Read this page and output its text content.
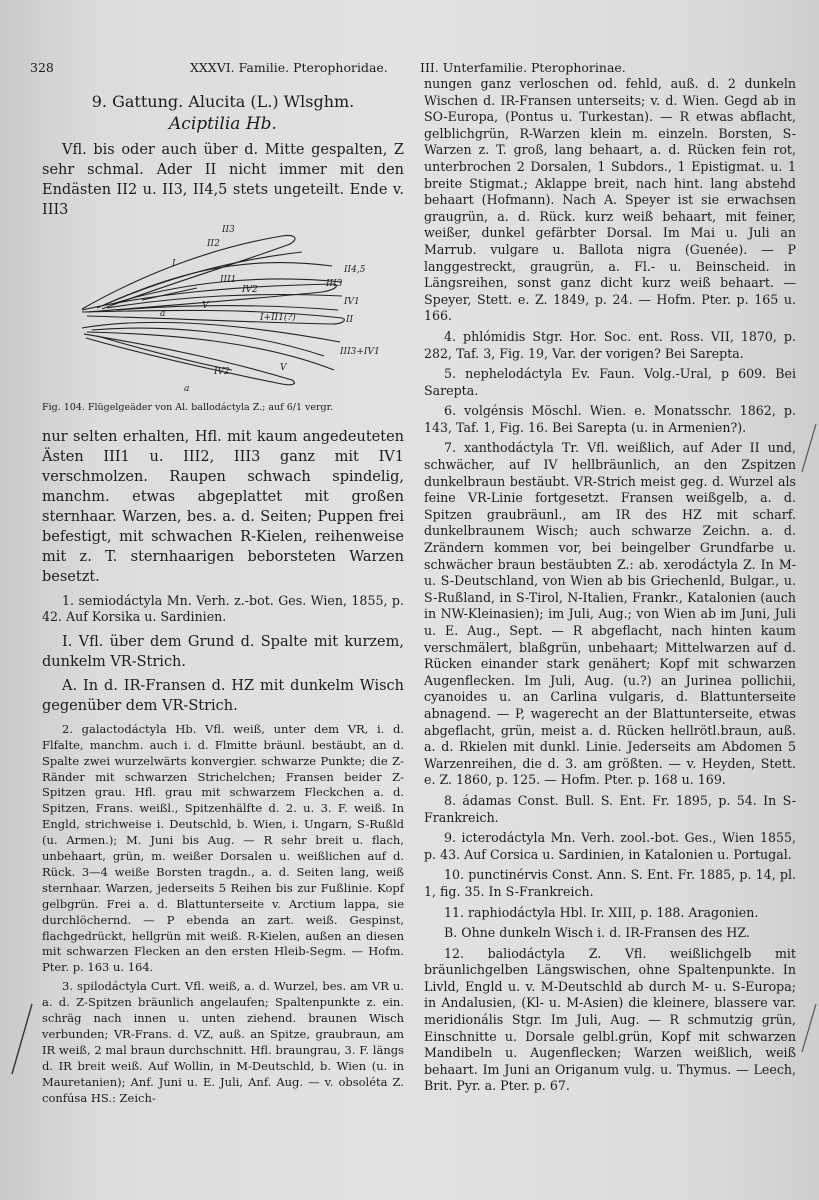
328	XXXVI. Familie. Pterophoridae.	III. Unterfamilie. Pterophorinae.

9. Gattung. Alucita (L.) Wlsghm.

Aciptilia Hb.

Vfl. bis oder auch über d. Mitte gespalten, Z sehr schmal. Ader II nicht immer mit den Endästen II2 u. II3, II4,5 stets ungeteilt. Ende v. III3

II3
II2
I
II4,5
III3
III1
IV1
IV2
V
a	I+II1(?)	II
III3+IV1
IV2	V
a

Fig. 104. Flügelgeäder von Al. ballodáctyla Z.; auf 6/1 vergr.

nur selten erhalten, Hfl. mit kaum angedeuteten Ästen III1 u. III2, III3 ganz mit IV1 verschmolzen. Raupen schwach spindelig, manchm. etwas abgeplattet mit großen sternhaar. Warzen, bes. a. d. Seiten; Puppen frei befestigt, mit schwachen R-Kielen, reihenweise mit z. T. sternhaarigen beborsteten Warzen besetzt.

1. semiodáctyla Mn. Verh. z.-bot. Ges. Wien, 1855, p. 42. Auf Korsika u. Sardinien.

I. Vfl. über dem Grund d. Spalte mit kurzem, dunkelm VR-Strich.

A. In d. IR-Fransen d. HZ mit dunkelm Wisch gegenüber dem VR-Strich.

2. galactodáctyla Hb. Vfl. weiß, unter dem VR, i. d. Flfalte, manchm. auch i. d. Flmitte bräunl. bestäubt, an d. Spalte zwei wurzelwärts konvergier. schwarze Punkte; die Z-Ränder mit schwarzen Strichelchen; Fransen beider Z-Spitzen grau. Hfl. grau mit schwarzem Fleckchen a. d. Spitzen, Frans. weißl., Spitzenhälfte d. 2. u. 3. F. weiß. In Engld, strichweise i. Deutschld, b. Wien, i. Ungarn, S-Rußld (u. Armen.); M. Juni bis Aug. — R sehr breit u. flach, unbehaart, grün, m. weißer Dorsalen u. weißlichen auf d. Rück. 3—4 weiße Borsten tragdn., a. d. Seiten lang, weiß sternhaar. Warzen, jederseits 5 Reihen bis zur Fußlinie. Kopf gelbgrün. Frei a. d. Blattunterseite v. Arctium lappa, sie durchlöchernd. — P ebenda an zart. weiß. Gespinst, flachgedrückt, hellgrün mit weiß. R-Kielen, außen an diesen mit schwarzen Flecken an den ersten Hleib-Segm. — Hofm. Pter. p. 163 u. 164.

3. spilodáctyla Curt. Vfl. weiß, a. d. Wurzel, bes. am VR u. a. d. Z-Spitzen bräunlich angelaufen; Spaltenpunkte z. ein. schräg nach innen u. unten ziehend. braunen Wisch verbunden; VR-Frans. d. VZ, auß. an Spitze, graubraun, am IR weiß, 2 mal braun durchschnitt. Hfl. braungrau, 3. F. längs d. IR breit weiß. Auf Wollin, in M-Deutschld, b. Wien (u. in Mauretanien); Anf. Juni u. E. Juli, Anf. Aug. — v. obsoléta Z. confúsa HS.: Zeich-

nungen ganz verloschen od. fehld, auß. d. 2 dunkeln Wischen d. IR-Fransen unterseits; v. d. Wien. Gegd ab in SO-Europa, (Pontus u. Turkestan). — R etwas abflacht, gelblichgrün, R-Warzen klein m. einzeln. Borsten, S-Warzen z. T. groß, lang behaart, a. d. Rücken fein rot, unterbrochen 2 Dorsalen, 1 Subdors., 1 Epistigmat. u. 1 breite Stigmat.; Aklappe breit, nach hint. lang abstehd behaart (Hofmann). Nach A. Speyer ist sie erwachsen graugrün, a. d. Rück. kurz weiß behaart, mit feiner, weißer, dunkel gefärbter Dorsal. Im Mai u. Juli an Marrub. vulgare u. Ballota nigra (Guenée). — P langgestreckt, graugrün, a. Fl.- u. Beinscheid. in Längsreihen, sonst ganz dicht kurz weiß behaart. — Speyer, Stett. e. Z. 1849, p. 24. — Hofm. Pter. p. 165 u. 166.

4. phlómidis Stgr. Hor. Soc. ent. Ross. VII, 1870, p. 282, Taf. 3, Fig. 19, Var. der vorigen? Bei Sarepta.

5. nephelodáctyla Ev. Faun. Volg.-Ural, p 609. Bei Sarepta.

6. volgénsis Möschl. Wien. e. Monatsschr. 1862, p. 143, Taf. 1, Fig. 16. Bei Sarepta (u. in Armenien?).

7. xanthodáctyla Tr. Vfl. weißlich, auf Ader II und, schwächer, auf IV hellbräunlich, an den Zspitzen dunkelbraun bestäubt. VR-Strich meist geg. d. Wurzel als feine VR-Linie fortgesetzt. Fransen weißgelb, a. d. Spitzen graubräunl., am IR des HZ mit scharf. dunkelbraunem Wisch; auch schwarze Zeichn. a. d. Zrändern kommen vor, bei beingelber Grundfarbe u. schwächer braun bestäubten Z.: ab. xerodáctyla Z. In M- u. S-Deutschland, von Wien ab bis Griechenld, Bulgar., u. S-Rußland, in S-Tirol, N-Italien, Frankr., Katalonien (auch in NW-Kleinasien); im Juli, Aug.; von Wien ab im Juni, Juli u. E. Aug., Sept. — R abgeflacht, nach hinten kaum verschmälert, blaßgrün, unbehaart; Mittelwarzen auf d. Rücken einander stark genähert; Kopf mit schwarzen Augenflecken. Im Juli, Aug. (u.?) an Jurinea pollichii, cyanoides u. an Carlina vulgaris, d. Blattunterseite abnagend. — P, wagerecht an der Blattunterseite, etwas abgeflacht, grün, meist a. d. Rücken hellrötl.braun, auß. a. d. Rkielen mit dunkl. Linie. Jederseits am Abdomen 5 Warzenreihen, die d. 3. am größten. — v. Heyden, Stett. e. Z. 1860, p. 125. — Hofm. Pter. p. 168 u. 169.

8. ádamas Const. Bull. S. Ent. Fr. 1895, p. 54. In S-Frankreich.

9. icterodáctyla Mn. Verh. zool.-bot. Ges., Wien 1855, p. 43. Auf Corsica u. Sardinien, in Katalonien u. Portugal.

10. punctinérvis Const. Ann. S. Ent. Fr. 1885, p. 14, pl. 1, fig. 35. In S-Frankreich.

11. raphiodáctyla Hbl. Ir. XIII, p. 188. Aragonien.

B. Ohne dunkeln Wisch i. d. IR-Fransen des HZ.

12. baliodáctyla Z. Vfl. weißlichgelb mit bräunlichgelben Längswischen, ohne Spaltenpunkte. In Livld, Engld u. v. M-Deutschld ab durch M- u. S-Europa; in Andalusien, (Kl- u. M-Asien) die kleinere, blassere var. meridionális Stgr. Im Juli, Aug. — R schmutzig grün, Einschnitte u. Dorsale gelbl.grün, Kopf mit schwarzen Mandibeln u. Augenflecken; Warzen weißlich, weiß behaart. Im Juni an Origanum vulg. u. Thymus. — Leech, Brit. Pyr. a. Pter. p. 67.
